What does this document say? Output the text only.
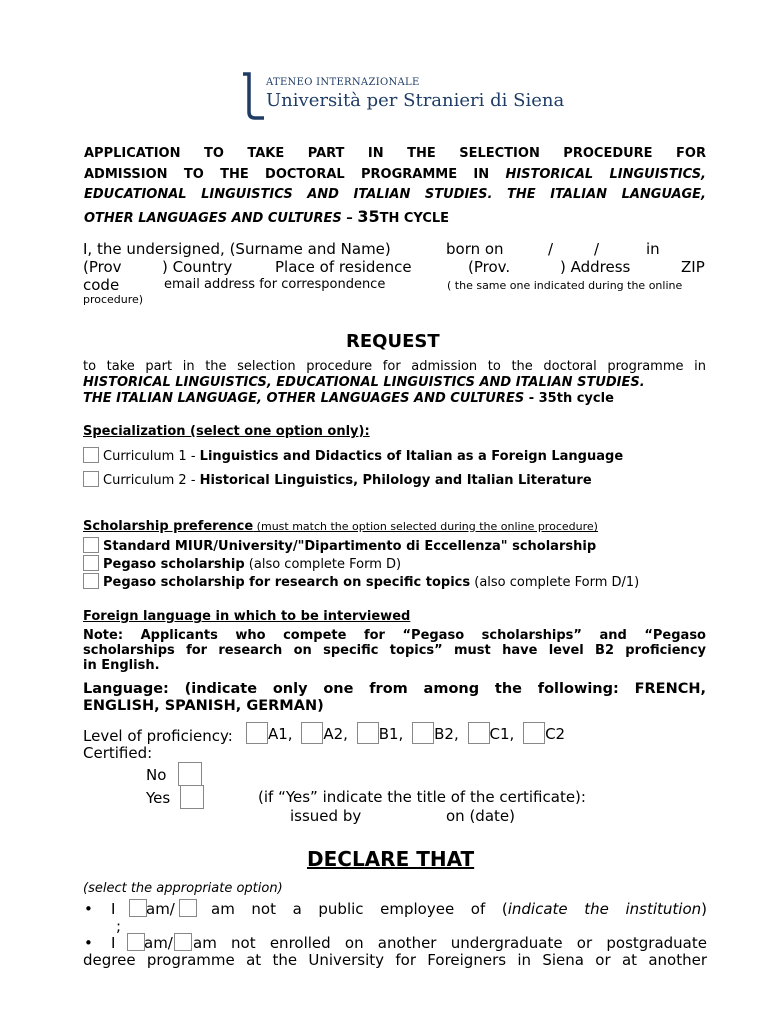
ATENEO INTERNAZIONALE
Università per Stranieri di Siena
APPLICATION TO TAKE PART IN THE SELECTION PROCEDURE FOR
ADMISSION TO THE DOCTORAL PROGRAMME IN HISTORICAL LINGUISTICS,
EDUCATIONAL LINGUISTICS AND ITALIAN STUDIES. THE ITALIAN LANGUAGE,
OTHER LANGUAGES AND CULTURES – 35TH CYCLE
I, the undersigned, (Surname and Name)	born on	/	/	in
(Prov	) Country	Place of residence	(Prov.	) Address	ZIP
code	email address for correspondence	( the same one indicated during the online
procedure)
REQUEST
to take part in the selection procedure for admission to the doctoral programme in
HISTORICAL LINGUISTICS, EDUCATIONAL LINGUISTICS AND ITALIAN STUDIES.
THE ITALIAN LANGUAGE, OTHER LANGUAGES AND CULTURES - 35th cycle
Specialization (select one option only):
Curriculum 1 - Linguistics and Didactics of Italian as a Foreign Language
Curriculum 2 - Historical Linguistics, Philology and Italian Literature
Scholarship preference (must match the option selected during the online procedure)
Standard MIUR/University/"Dipartimento di Eccellenza" scholarship
Pegaso scholarship (also complete Form D)
Pegaso scholarship for research on specific topics (also complete Form D/1)
Foreign language in which to be interviewed
Note: Applicants who compete for “Pegaso scholarships” and “Pegaso
scholarships for research on specific topics” must have level B2 proficiency
in English.
Language: (indicate only one from among the following: FRENCH,
ENGLISH, SPANISH, GERMAN)
Level of proficiency:	A1, A2, B1, B2, C1, C2
Certified:
No
Yes	(if “Yes” indicate the title of the certificate):
issued by	on (date)
DECLARE THAT
(select the appropriate option)
• I am/ am not a public employee of (indicate the institution)
;
• I am/ am not enrolled on another undergraduate or postgraduate
degree programme at the University for Foreigners in Siena or at another
